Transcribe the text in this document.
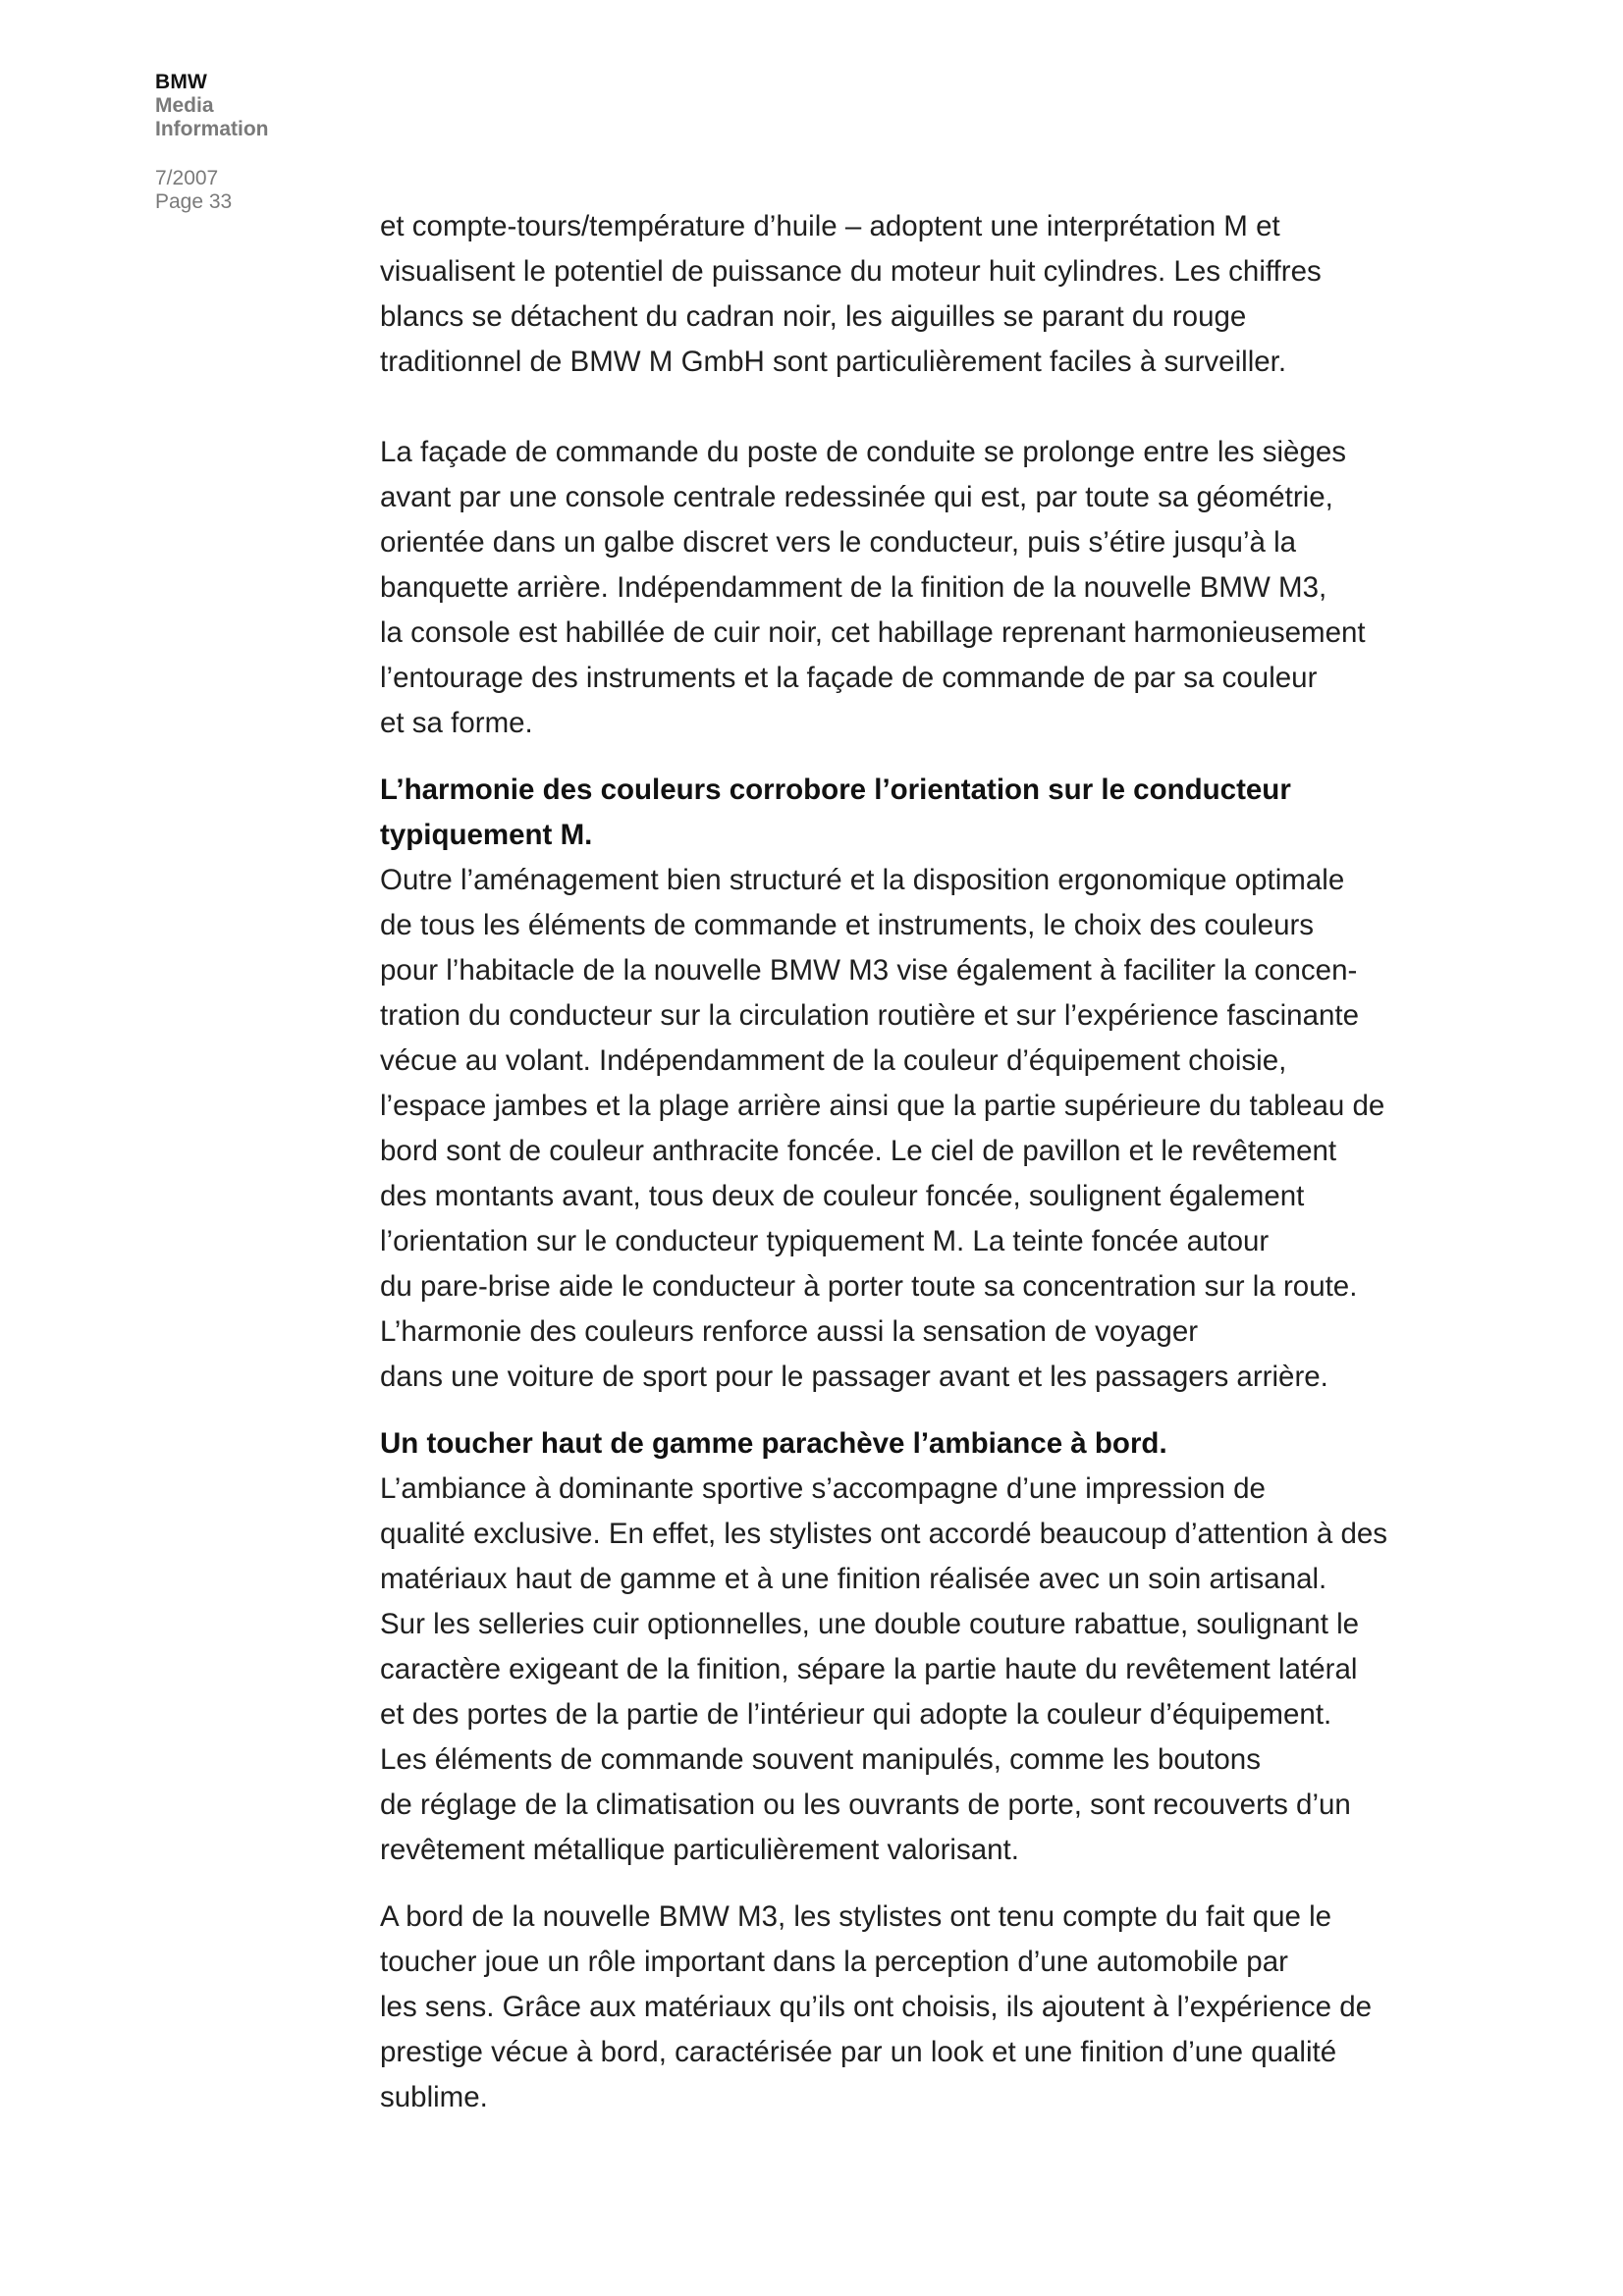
BMW
Media
Information
7/2007
Page 33

et compte-tours/température d’huile – adoptent une interprétation M et
visualisent le potentiel de puissance du moteur huit cylindres. Les chiffres
blancs se détachent du cadran noir, les aiguilles se parant du rouge
traditionnel de BMW M GmbH sont particulièrement faciles à surveiller.

La façade de commande du poste de conduite se prolonge entre les sièges
avant par une console centrale redessinée qui est, par toute sa géométrie,
orientée dans un galbe discret vers le conducteur, puis s’étire jusqu’à la
banquette arrière. Indépendamment de la finition de la nouvelle BMW M3,
la console est habillée de cuir noir, cet habillage reprenant harmonieusement
l’entourage des instruments et la façade de commande de par sa couleur
et sa forme.

L’harmonie des couleurs corrobore l’orientation sur le conducteur
typiquement M.

Outre l’aménagement bien structuré et la disposition ergonomique optimale
de tous les éléments de commande et instruments, le choix des couleurs
pour l’habitacle de la nouvelle BMW M3 vise également à faciliter la concen-
tration du conducteur sur la circulation routière et sur l’expérience fascinante
vécue au volant. Indépendamment de la couleur d’équipement choisie,
l’espace jambes et la plage arrière ainsi que la partie supérieure du tableau de
bord sont de couleur anthracite foncée. Le ciel de pavillon et le revêtement
des montants avant, tous deux de couleur foncée, soulignent également
l’orientation sur le conducteur typiquement M. La teinte foncée autour
du pare-brise aide le conducteur à porter toute sa concentration sur la route.
L’harmonie des couleurs renforce aussi la sensation de voyager
dans une voiture de sport pour le passager avant et les passagers arrière.

Un toucher haut de gamme parachève l’ambiance à bord.

L’ambiance à dominante sportive s’accompagne d’une impression de
qualité exclusive. En effet, les stylistes ont accordé beaucoup d’attention à des
matériaux haut de gamme et à une finition réalisée avec un soin artisanal.
Sur les selleries cuir optionnelles, une double couture rabattue, soulignant le
caractère exigeant de la finition, sépare la partie haute du revêtement latéral
et des portes de la partie de l’intérieur qui adopte la couleur d’équipement.
Les éléments de commande souvent manipulés, comme les boutons
de réglage de la climatisation ou les ouvrants de porte, sont recouverts d’un
revêtement métallique particulièrement valorisant.

A bord de la nouvelle BMW M3, les stylistes ont tenu compte du fait que le
toucher joue un rôle important dans la perception d’une automobile par
les sens. Grâce aux matériaux qu’ils ont choisis, ils ajoutent à l’expérience de
prestige vécue à bord, caractérisée par un look et une finition d’une qualité
sublime.
